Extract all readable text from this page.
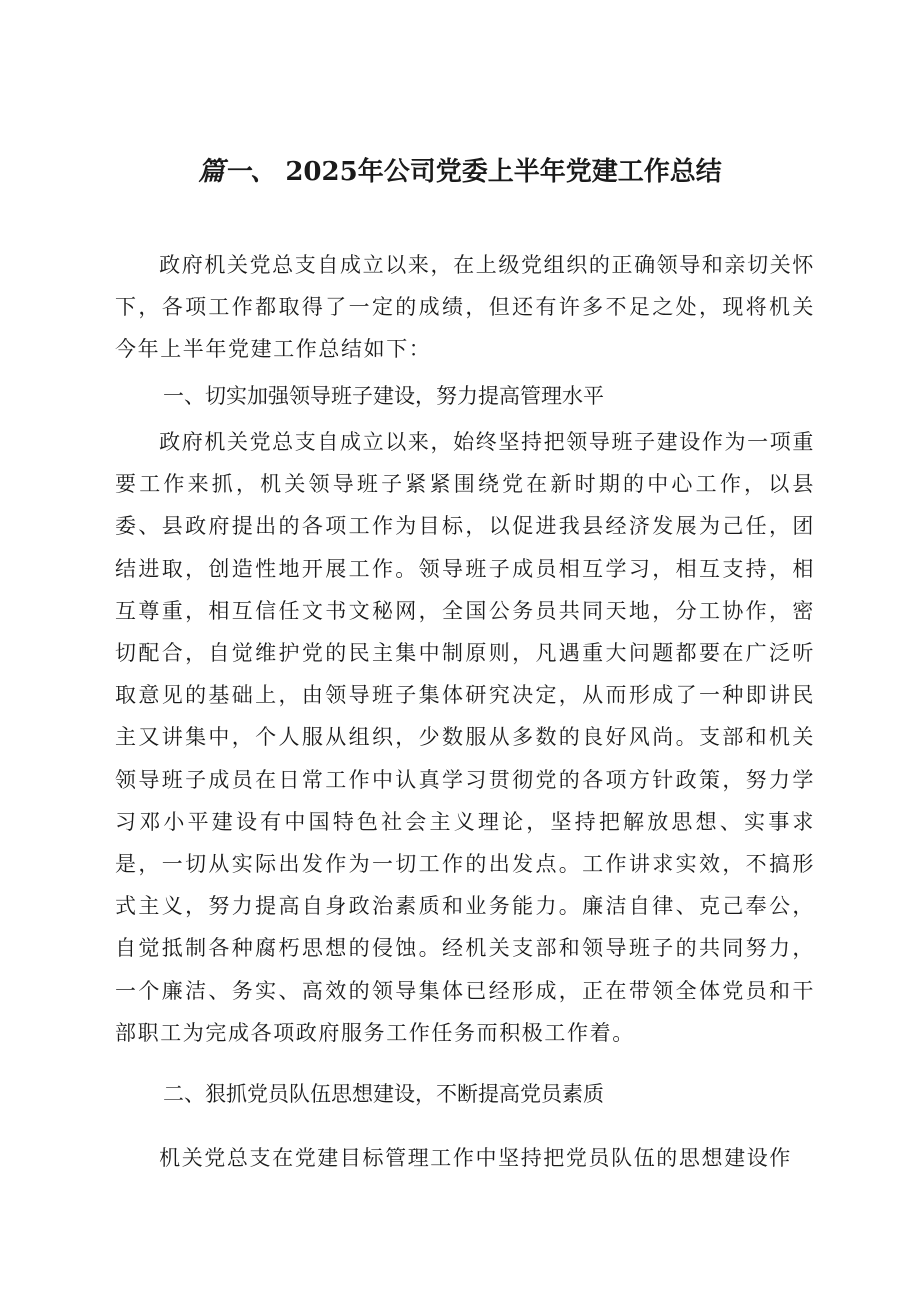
篇一、 2025年公司党委上半年党建工作总结

政府机关党总支自成立以来，在上级党组织的正确领导和亲切关怀下，各项工作都取得了一定的成绩，但还有许多不足之处，现将机关今年上半年党建工作总结如下：

一、切实加强领导班子建设，努力提高管理水平

政府机关党总支自成立以来，始终坚持把领导班子建设作为一项重要工作来抓，机关领导班子紧紧围绕党在新时期的中心工作，以县委、县政府提出的各项工作为目标，以促进我县经济发展为己任，团结进取，创造性地开展工作。领导班子成员相互学习，相互支持，相互尊重，相互信任文书文秘网，全国公务员共同天地，分工协作，密切配合，自觉维护党的民主集中制原则，凡遇重大问题都要在广泛听取意见的基础上，由领导班子集体研究决定，从而形成了一种即讲民主又讲集中，个人服从组织，少数服从多数的良好风尚。支部和机关领导班子成员在日常工作中认真学习贯彻党的各项方针政策，努力学习邓小平建设有中国特色社会主义理论，坚持把解放思想、实事求是，一切从实际出发作为一切工作的出发点。工作讲求实效，不搞形式主义，努力提高自身政治素质和业务能力。廉洁自律、克己奉公，自觉抵制各种腐朽思想的侵蚀。经机关支部和领导班子的共同努力，一个廉洁、务实、高效的领导集体已经形成，正在带领全体党员和干部职工为完成各项政府服务工作任务而积极工作着。

二、狠抓党员队伍思想建设，不断提高党员素质

机关党总支在党建目标管理工作中坚持把党员队伍的思想建设作
